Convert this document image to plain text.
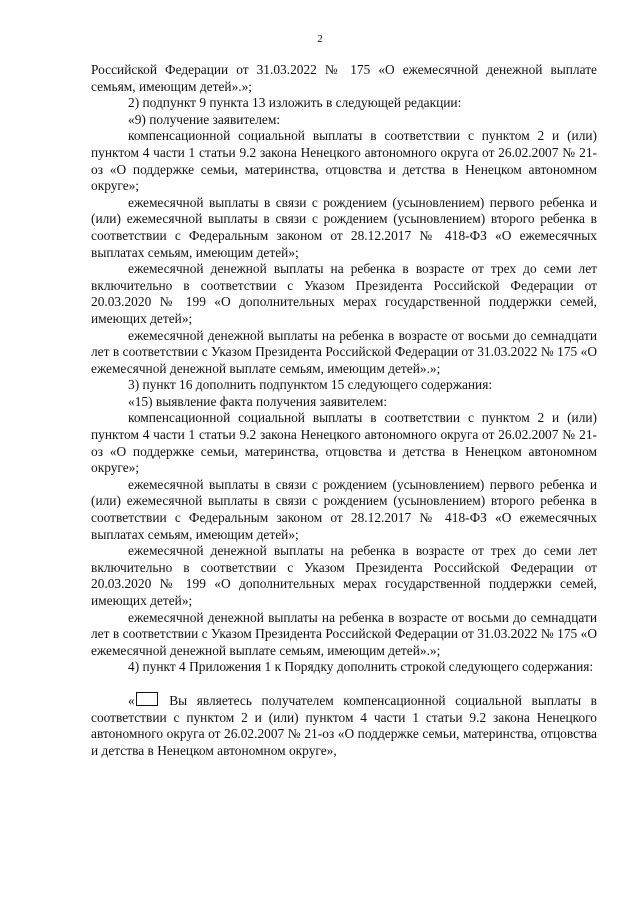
2

Российской Федерации от 31.03.2022 № 175 «О ежемесячной денежной выплате семьям, имеющим детей».»;

2) подпункт 9 пункта 13 изложить в следующей редакции:

«9) получение заявителем:

компенсационной социальной выплаты в соответствии с пунктом 2 и (или) пунктом 4 части 1 статьи 9.2 закона Ненецкого автономного округа от 26.02.2007 № 21-оз «О поддержке семьи, материнства, отцовства и детства в Ненецком автономном округе»;

ежемесячной выплаты в связи с рождением (усыновлением) первого ребенка и (или) ежемесячной выплаты в связи с рождением (усыновлением) второго ребенка в соответствии с Федеральным законом от 28.12.2017 № 418-ФЗ «О ежемесячных выплатах семьям, имеющим детей»;

ежемесячной денежной выплаты на ребенка в возрасте от трех до семи лет включительно в соответствии с Указом Президента Российской Федерации от 20.03.2020 № 199 «О дополнительных мерах государственной поддержки семей, имеющих детей»;

ежемесячной денежной выплаты на ребенка в возрасте от восьми до семнадцати лет в соответствии с Указом Президента Российской Федерации от 31.03.2022 № 175 «О ежемесячной денежной выплате семьям, имеющим детей».»;

3) пункт 16 дополнить подпунктом 15 следующего содержания:

«15) выявление факта получения заявителем:

компенсационной социальной выплаты в соответствии с пунктом 2 и (или) пунктом 4 части 1 статьи 9.2 закона Ненецкого автономного округа от 26.02.2007 № 21-оз «О поддержке семьи, материнства, отцовства и детства в Ненецком автономном округе»;

ежемесячной выплаты в связи с рождением (усыновлением) первого ребенка и (или) ежемесячной выплаты в связи с рождением (усыновлением) второго ребенка в соответствии с Федеральным законом от 28.12.2017 № 418-ФЗ «О ежемесячных выплатах семьям, имеющим детей»;

ежемесячной денежной выплаты на ребенка в возрасте от трех до семи лет включительно в соответствии с Указом Президента Российской Федерации от 20.03.2020 № 199 «О дополнительных мерах государственной поддержки семей, имеющих детей»;

ежемесячной денежной выплаты на ребенка в возрасте от восьми до семнадцати лет в соответствии с Указом Президента Российской Федерации от 31.03.2022 № 175 «О ежемесячной денежной выплате семьям, имеющим детей».»;

4) пункт 4 Приложения 1 к Порядку дополнить строкой следующего содержания:

«	Вы являетесь получателем компенсационной социальной выплаты в соответствии с пунктом 2 и (или) пунктом 4 части 1 статьи 9.2 закона Ненецкого автономного округа от 26.02.2007 № 21-оз «О поддержке семьи, материнства, отцовства и детства в Ненецком автономном округе»,
